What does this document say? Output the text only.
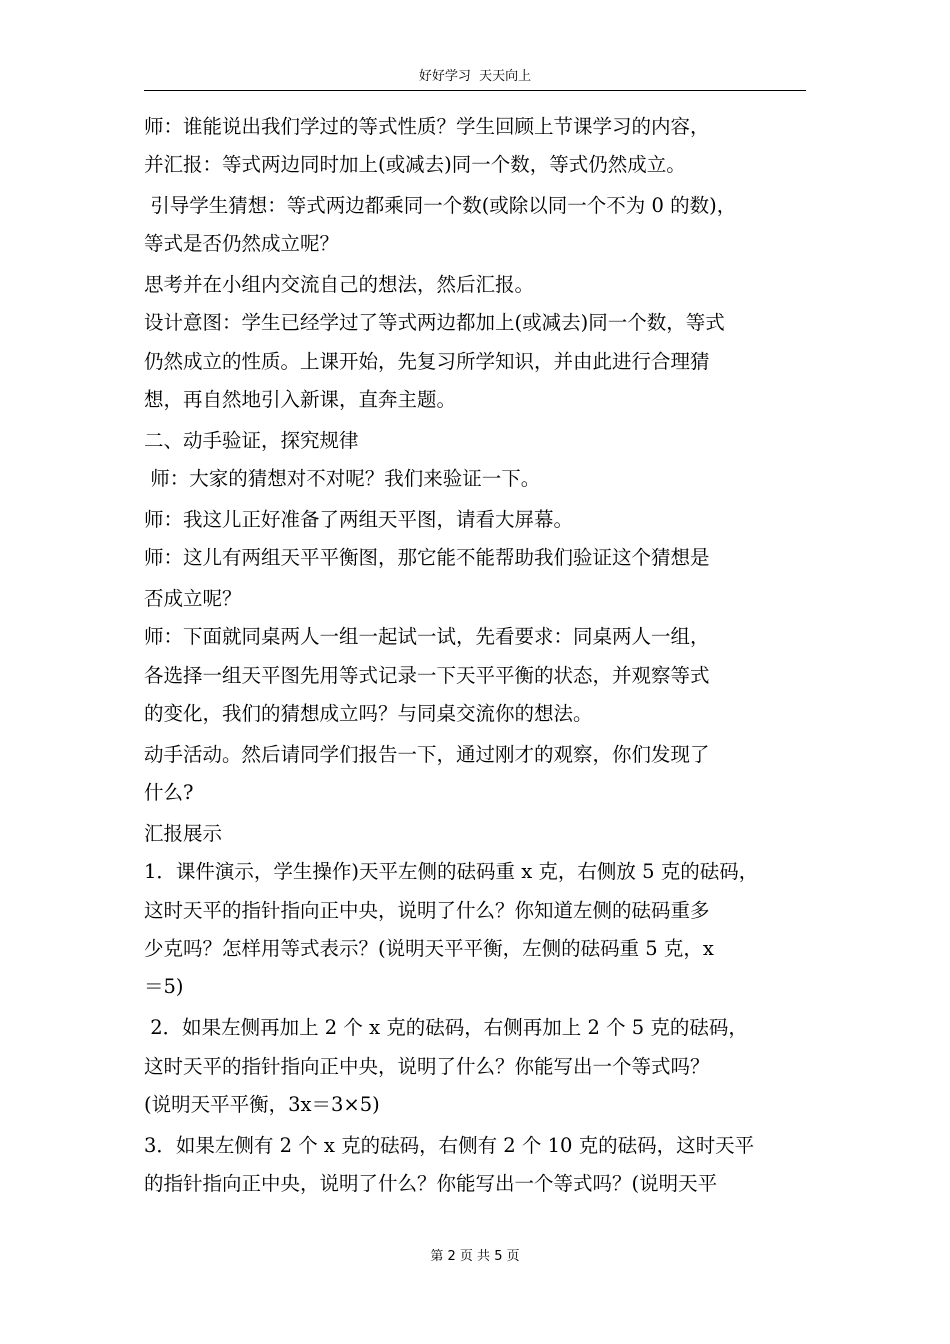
好好学习  天天向上
师：谁能说出我们学过的等式性质？学生回顾上节课学习的内容，
并汇报：等式两边同时加上(或减去)同一个数，等式仍然成立。
引导学生猜想：等式两边都乘同一个数(或除以同一个不为 0 的数)，
等式是否仍然成立呢？
思考并在小组内交流自己的想法，然后汇报。
设计意图：学生已经学过了等式两边都加上(或减去)同一个数，等式
仍然成立的性质。上课开始，先复习所学知识，并由此进行合理猜
想，再自然地引入新课，直奔主题。
二、动手验证，探究规律
师：大家的猜想对不对呢？我们来验证一下。
师：我这儿正好准备了两组天平图，请看大屏幕。
师：这儿有两组天平平衡图，那它能不能帮助我们验证这个猜想是
否成立呢？
师：下面就同桌两人一组一起试一试，先看要求：同桌两人一组，
各选择一组天平图先用等式记录一下天平平衡的状态，并观察等式
的变化，我们的猜想成立吗？与同桌交流你的想法。
动手活动。然后请同学们报告一下，通过刚才的观察，你们发现了
什么?
汇报展示
1．课件演示，学生操作)天平左侧的砝码重 x 克，右侧放 5 克的砝码，
这时天平的指针指向正中央，说明了什么？你知道左侧的砝码重多
少克吗？怎样用等式表示？(说明天平平衡，左侧的砝码重 5 克，x
＝5)
2．如果左侧再加上 2 个 x 克的砝码，右侧再加上 2 个 5 克的砝码，
这时天平的指针指向正中央，说明了什么？你能写出一个等式吗？
(说明天平平衡，3x＝3×5)
3．如果左侧有 2 个 x 克的砝码，右侧有 2 个 10 克的砝码，这时天平
的指针指向正中央，说明了什么？你能写出一个等式吗？(说明天平
第 2 页 共 5 页
